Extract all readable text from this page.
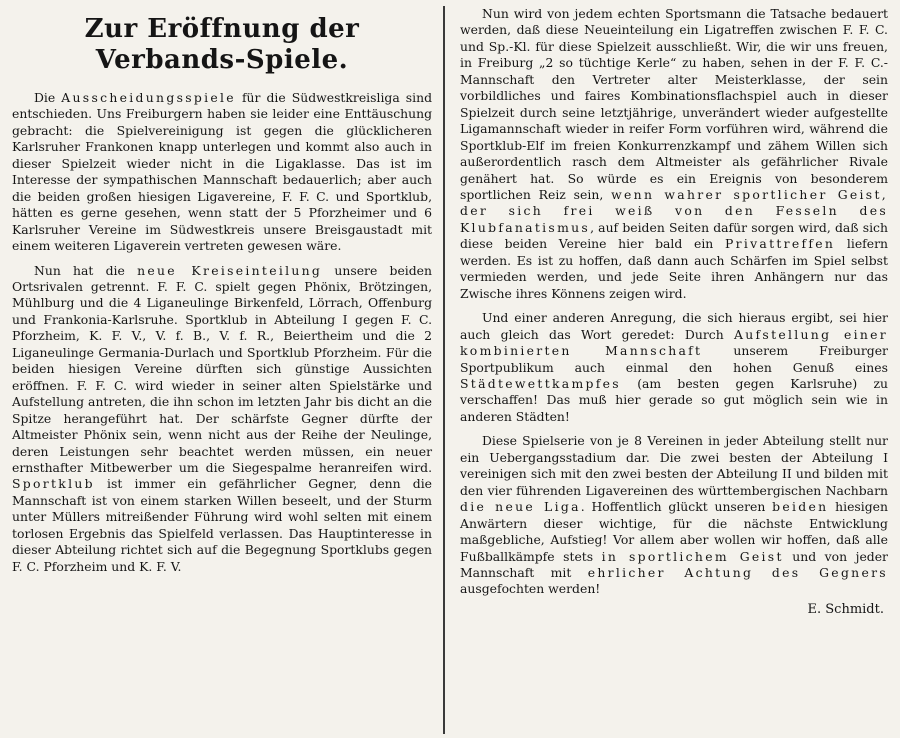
Zur Eröffnung der Verbands-Spiele.

Die Ausscheidungsspiele für die Südwestkreisliga sind entschieden. Uns Freiburgern haben sie leider eine Enttäuschung gebracht: die Spielvereinigung ist gegen die glücklicheren Karlsruher Frankonen knapp unterlegen und kommt also auch in dieser Spielzeit wieder nicht in die Ligaklasse. Das ist im Interesse der sympathischen Mannschaft bedauerlich; aber auch die beiden großen hiesigen Ligavereine, F. F. C. und Sportklub, hätten es gerne gesehen, wenn statt der 5 Pforzheimer und 6 Karlsruher Vereine im Südwestkreis unsere Breisgaustadt mit einem weiteren Ligaverein vertreten gewesen wäre.

Nun hat die neue Kreiseinteilung unsere beiden Ortsrivalen getrennt. F. F. C. spielt gegen Phönix, Brötzingen, Mühlburg und die 4 Liganeulinge Birkenfeld, Lörrach, Offenburg und Frankonia-Karlsruhe. Sportklub in Abteilung I gegen F. C. Pforzheim, K. F. V., V. f. B., V. f. R., Beiertheim und die 2 Liganeulinge Germania-Durlach und Sportklub Pforzheim. Für die beiden hiesigen Vereine dürften sich günstige Aussichten eröffnen. F. F. C. wird wieder in seiner alten Spielstärke und Aufstellung antreten, die ihn schon im letzten Jahr bis dicht an die Spitze herangeführt hat. Der schärfste Gegner dürfte der Altmeister Phönix sein, wenn nicht aus der Reihe der Neulinge, deren Leistungen sehr beachtet werden müssen, ein neuer ernsthafter Mitbewerber um die Siegespalme heranreifen wird. Sportklub ist immer ein gefährlicher Gegner, denn die Mannschaft ist von einem starken Willen beseelt, und der Sturm unter Müllers mitreißender Führung wird wohl selten mit einem torlosen Ergebnis das Spielfeld verlassen. Das Hauptinteresse in dieser Abteilung richtet sich auf die Begegnung Sportklubs gegen F. C. Pforzheim und K. F. V.

Nun wird von jedem echten Sportsmann die Tatsache bedauert werden, daß diese Neueinteilung ein Ligatreffen zwischen F. F. C. und Sp.-Kl. für diese Spielzeit ausschließt. Wir, die wir uns freuen, in Freiburg „2 so tüchtige Kerle“ zu haben, sehen in der F. F. C.-Mannschaft den Vertreter alter Meisterklasse, der sein vorbildliches und faires Kombinationsflachspiel auch in dieser Spielzeit durch seine letztjährige, unverändert wieder aufgestellte Ligamannschaft wieder in reifer Form vorführen wird, während die Sportklub-Elf im freien Konkurrenzkampf und zähem Willen sich außerordentlich rasch dem Altmeister als gefährlicher Rivale genähert hat. So würde es ein Ereignis von besonderem sportlichen Reiz sein, wenn wahrer sportlicher Geist, der sich frei weiß von den Fesseln des Klubfanatismus, auf beiden Seiten dafür sorgen wird, daß sich diese beiden Vereine hier bald ein Privattreffen liefern werden. Es ist zu hoffen, daß dann auch Schärfen im Spiel selbst vermieden werden, und jede Seite ihren Anhängern nur das Zwische ihres Könnens zeigen wird.

Und einer anderen Anregung, die sich hieraus ergibt, sei hier auch gleich das Wort geredet: Durch Aufstellung einer kombinierten Mannschaft unserem Freiburger Sportpublikum auch einmal den hohen Genuß eines Städtewettkampfes (am besten gegen Karlsruhe) zu verschaffen! Das muß hier gerade so gut möglich sein wie in anderen Städten!

Diese Spielserie von je 8 Vereinen in jeder Abteilung stellt nur ein Uebergangsstadium dar. Die zwei besten der Abteilung I vereinigen sich mit den zwei besten der Abteilung II und bilden mit den vier führenden Ligavereinen des württembergischen Nachbarn die neue Liga. Hoffentlich glückt unseren beiden hiesigen Anwärtern dieser wichtige, für die nächste Entwicklung maßgebliche, Aufstieg! Vor allem aber wollen wir hoffen, daß alle Fußballkämpfe stets in sportlichem Geist und von jeder Mannschaft mit ehrlicher Achtung des Gegners ausgefochten werden!

E. Schmidt.
